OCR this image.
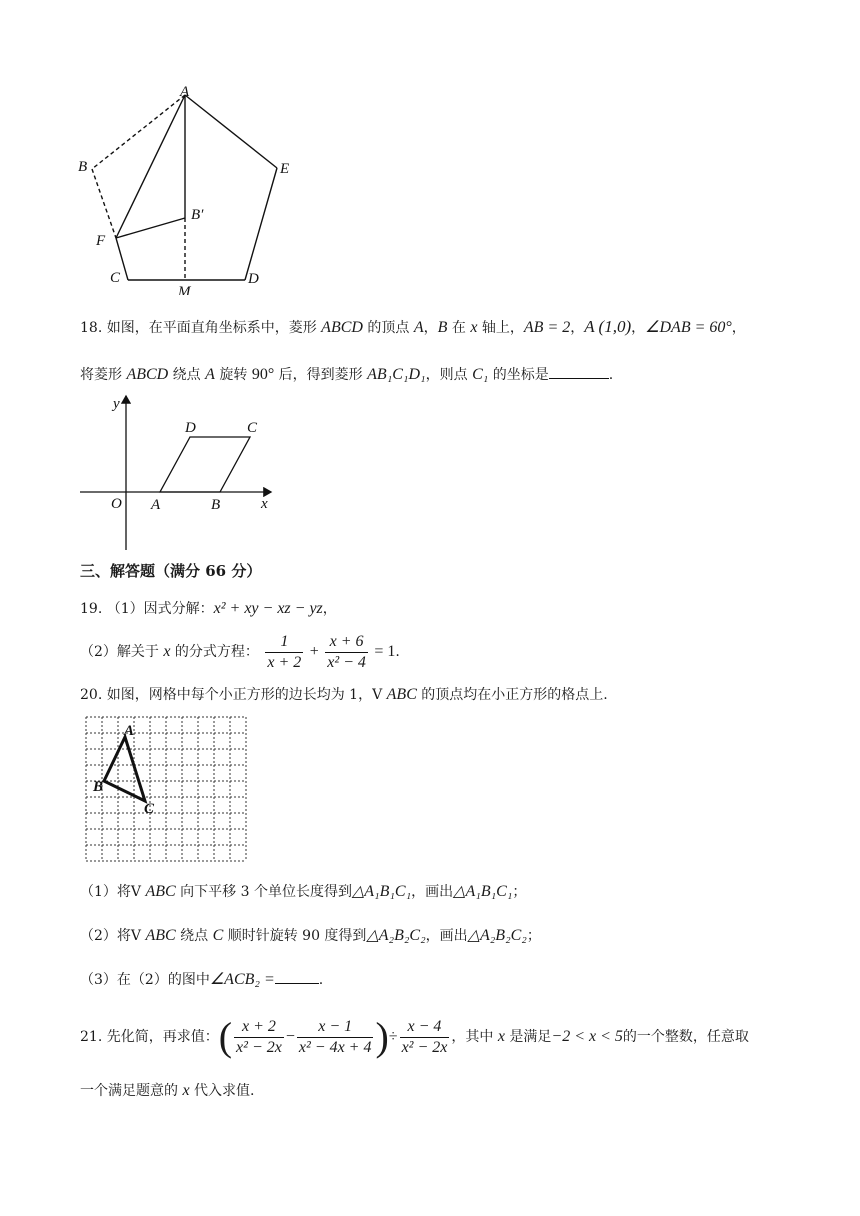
A
B	E
B′
F
C	D
M
18. 如图，在平面直角坐标系中，菱形 ABCD 的顶点 A，B 在 x 轴上，AB = 2，A (1,0)，∠DAB = 60°，
将菱形 ABCD 绕点 A 旋转 90° 后，得到菱形 AB₁C₁D₁，则点 C₁ 的坐标是	.
y
x
O A	B
D	C
三、解答题（满分 66 分）
19. （1）因式分解：x² + xy − xz − yz，
（2）解关于 x 的分式方程： $\frac{1}{x + 2} + \frac{x + 6}{\text{x² − 4}} = 1$.
20. 如图，网格中每个小正方形的边长均为 1，V ABC 的顶点均在小正方形的格点上.
A
B
C
（1）将V ABC 向下平移 3 个单位长度得到△A₁B₁C₁，画出△A₁B₁C₁；
（2）将V ABC 绕点 C 顺时针旋转 90 度得到△A₂B₂C₂，画出△A₂B₂C₂；
（3）在（2）的图中∠ACB₂ =	.
21. 先化简，再求值：( $\frac{x + 2}{\text{x² − 2x}} - \frac{x - 1}{\text{x² − 4x + 4}}$ )÷ $\frac{x - 4}{\text{x² − 2x}}$ ，其中 x 是满足−2 < x < 5的一个整数，任意取
一个满足题意的 x 代入求值.
